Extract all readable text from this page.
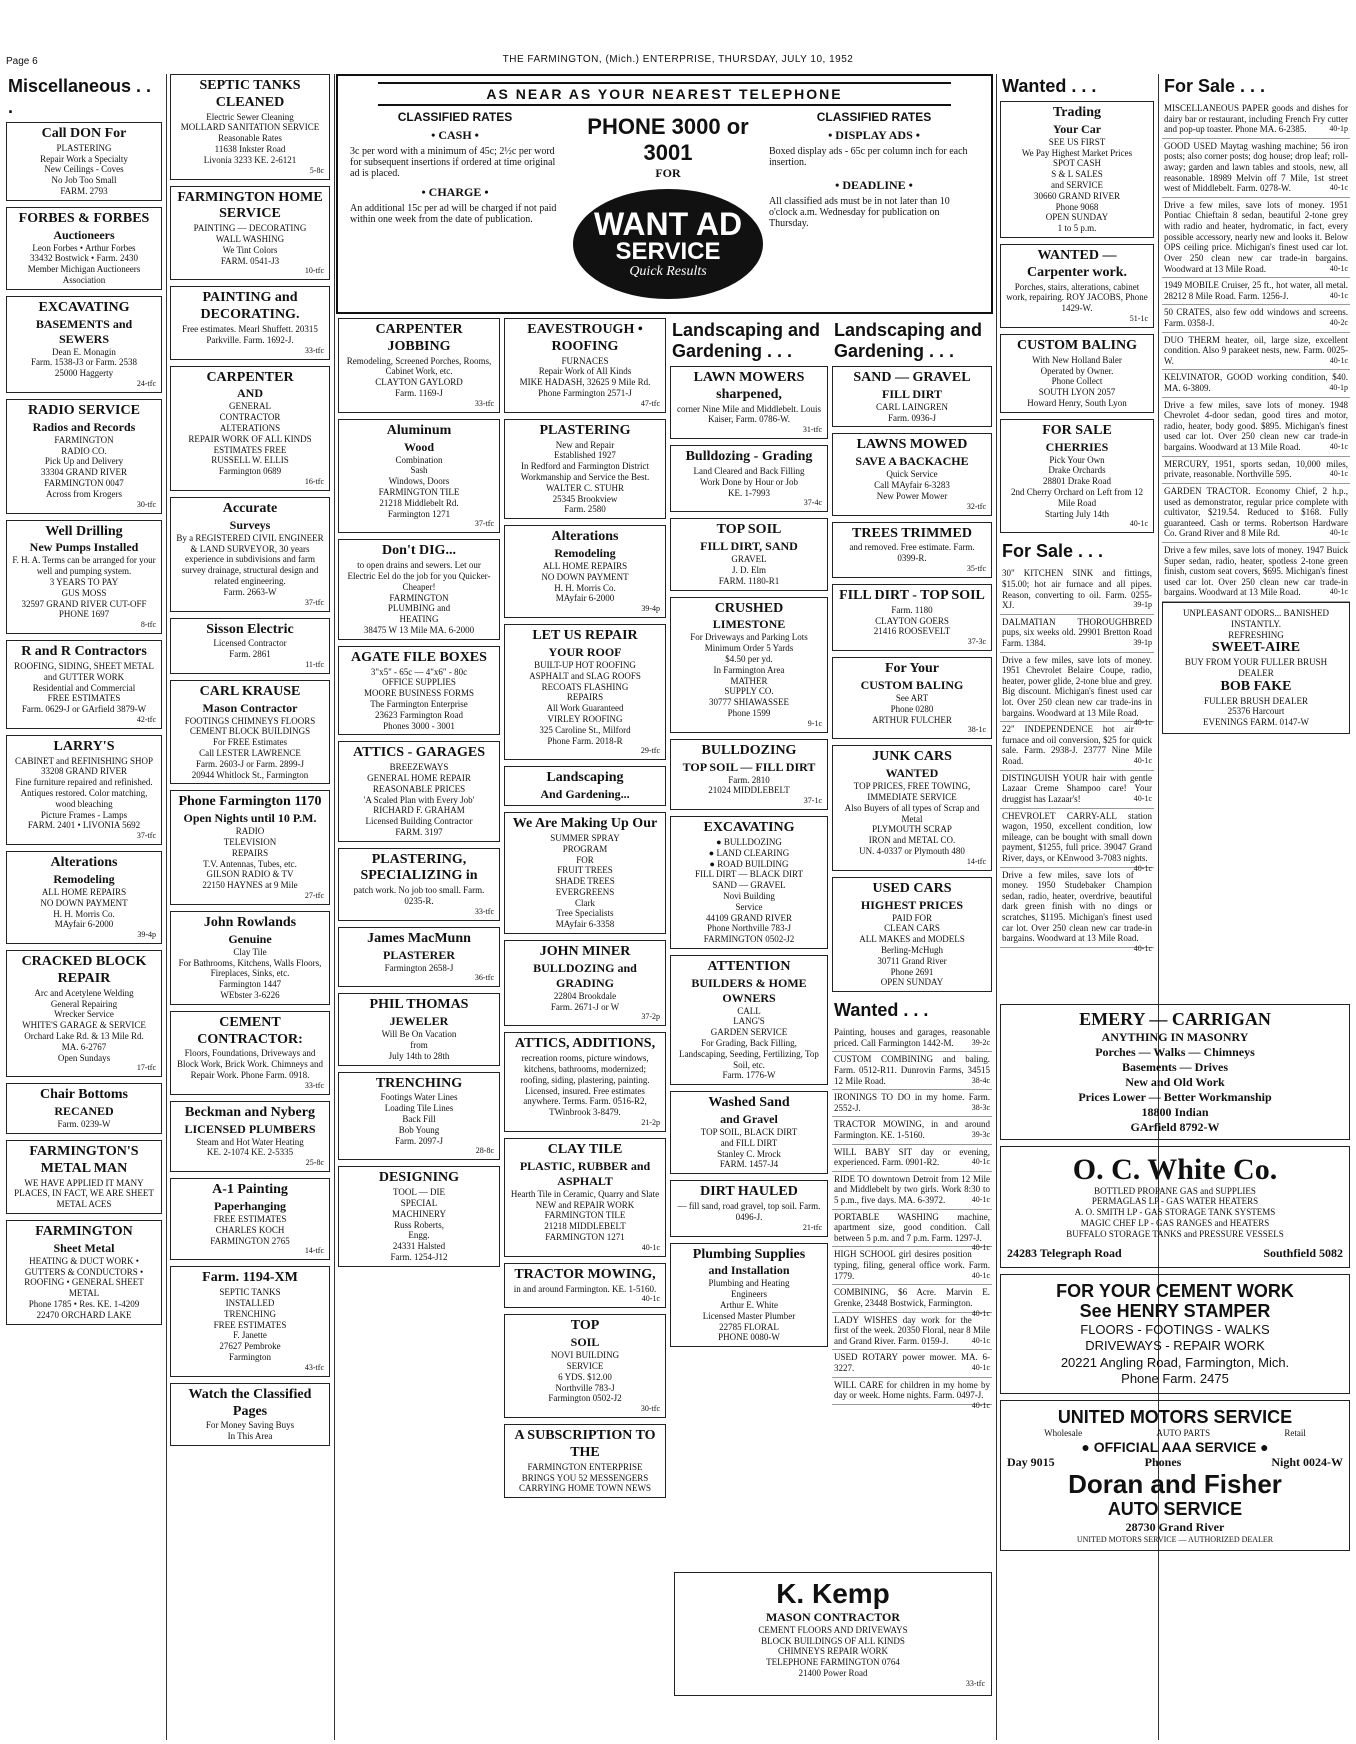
Page 6	THE FARMINGTON, (Mich.) ENTERPRISE, THURSDAY, JULY 10, 1952
AS NEAR AS YOUR NEAREST TELEPHONE
CLASSIFIED RATES
• CASH •
3c per word with a minimum of 45c; 2½c per word for subsequent insertions if ordered at time original ad is placed.
• CHARGE •
An additional 15c per ad will be charged if not paid within one week from the date of publication.
PHONE 3000 or 3001
FOR
WANT AD
SERVICE
Quick Results
CLASSIFIED RATES
• DISPLAY ADS •
Boxed display ads - 65c per column inch for each insertion.
• DEADLINE •
All classified ads must be in not later than 10 o'clock a.m. Wednesday for publication on Thursday.
Miscellaneous . . .
Call DON For
PLASTERING
Repair Work a Specialty
New Ceilings - Coves
No Job Too Small
FARM. 2793
FORBES & FORBES
Auctioneers
Leon Forbes • Arthur Forbes
33432 Bostwick • Farm. 2430
Member Michigan Auctioneers Association
EXCAVATING
BASEMENTS and SEWERS
Dean E. Monagin
Farm. 1538-J3 or Farm. 2538
25000 Haggerty
24-tfc
RADIO SERVICE
Radios and Records
FARMINGTON
RADIO CO.
Pick Up and Delivery
33304 GRAND RIVER
FARMINGTON 0047
Across from Krogers
30-tfc
Well Drilling
New Pumps Installed
F. H. A. Terms can be arranged for your well and pumping system.
3 YEARS TO PAY
GUS MOSS
32597 GRAND RIVER CUT-OFF
PHONE 1697
8-tfc
R and R Contractors
ROOFING, SIDING, SHEET METAL and GUTTER WORK
Residential and Commercial
FREE ESTIMATES
Farm. 0629-J or GArfield 3879-W
42-tfc
LARRY'S
CABINET and REFINISHING SHOP
33208 GRAND RIVER
Fine furniture repaired and refinished. Antiques restored. Color matching, wood bleaching
Picture Frames - Lamps
FARM. 2401 • LIVONIA 5692
37-tfc
Alterations
Remodeling
ALL HOME REPAIRS
NO DOWN PAYMENT
H. H. Morris Co.
MAyfair 6-2000
39-4p
CRACKED BLOCK REPAIR
Arc and Acetylene Welding
General Repairing
Wrecker Service
WHITE'S GARAGE & SERVICE
Orchard Lake Rd. & 13 Mile Rd.
MA. 6-2767
Open Sundays
17-tfc
Chair Bottoms
RECANED
Farm. 0239-W
FARMINGTON'S METAL MAN
WE HAVE APPLIED IT MANY PLACES, IN FACT, WE ARE SHEET METAL ACES
FARMINGTON
Sheet Metal
HEATING & DUCT WORK • GUTTERS & CONDUCTORS • ROOFING • GENERAL SHEET METAL
Phone 1785 • Res. KE. 1-4209
22470 ORCHARD LAKE
SEPTIC TANKS CLEANED
Electric Sewer Cleaning
MOLLARD SANITATION SERVICE
Reasonable Rates
11638 Inkster Road
Livonia 3233 KE. 2-6121
5-8c
FARMINGTON HOME SERVICE
PAINTING — DECORATING
WALL WASHING
We Tint Colors
FARM. 0541-J3
10-tfc
PAINTING and DECORATING.
Free estimates. Mearl Shuffett. 20315 Parkville. Farm. 1692-J.
33-tfc
CARPENTER
AND
GENERAL
CONTRACTOR
ALTERATIONS
REPAIR WORK OF ALL KINDS
ESTIMATES FREE
RUSSELL W. ELLIS
Farmington 0689
16-tfc
Accurate
Surveys
By a REGISTERED CIVIL ENGINEER & LAND SURVEYOR, 30 years experience in subdivisions and farm survey drainage, structural design and related engineering.
Farm. 2663-W
37-tfc
Sisson Electric
Licensed Contractor
Farm. 2861
11-tfc
CARL KRAUSE
Mason Contractor
FOOTINGS CHIMNEYS FLOORS
CEMENT BLOCK BUILDINGS
For FREE Estimates
Call LESTER LAWRENCE
Farm. 2603-J or Farm. 2899-J
20944 Whitlock St., Farmington
Phone Farmington 1170
Open Nights until 10 P.M.
RADIO
TELEVISION
REPAIRS
T.V. Antennas, Tubes, etc.
GILSON RADIO & TV
22150 HAYNES at 9 Mile
27-tfc
John Rowlands
Genuine
Clay Tile
For Bathrooms, Kitchens, Walls Floors, Fireplaces, Sinks, etc.
Farmington 1447
WEbster 3-6226
CEMENT CONTRACTOR:
Floors, Foundations, Driveways and Block Work, Brick Work. Chimneys and Repair Work. Phone Farm. 0918.
33-tfc
Beckman and Nyberg
LICENSED PLUMBERS
Steam and Hot Water Heating
KE. 2-1074 KE. 2-5335
25-8c
A-1 Painting
Paperhanging
FREE ESTIMATES
CHARLES KOCH
FARMINGTON 2765
14-tfc
Farm. 1194-XM
SEPTIC TANKS
INSTALLED
TRENCHING
FREE ESTIMATES
F. Janette
27627 Pembroke
Farmington
43-tfc
Watch the Classified Pages
For Money Saving Buys
In This Area
CARPENTER JOBBING
Remodeling, Screened Porches, Rooms, Cabinet Work, etc.
CLAYTON GAYLORD
Farm. 1169-J
33-tfc
Aluminum
Wood
Combination
Sash
Windows, Doors
FARMINGTON TILE
21218 Middlebelt Rd.
Farmington 1271
37-tfc
Don't DIG...
to open drains and sewers. Let our Electric Eel do the job for you Quicker-Cheaper!
FARMINGTON
PLUMBING and
HEATING
38475 W 13 Mile MA. 6-2000
AGATE FILE BOXES
3"x5" - 65c — 4"x6" - 80c
OFFICE SUPPLIES
MOORE BUSINESS FORMS
The Farmington Enterprise
23623 Farmington Road
Phones 3000 - 3001
ATTICS - GARAGES
BREEZEWAYS
GENERAL HOME REPAIR
REASONABLE PRICES
'A Scaled Plan with Every Job'
RICHARD F. GRAHAM
Licensed Building Contractor
FARM. 3197
PLASTERING, SPECIALIZING in
patch work. No job too small. Farm. 0235-R.
33-tfc
James MacMunn
PLASTERER
Farmington 2658-J
36-tfc
PHIL THOMAS
JEWELER
Will Be On Vacation
from
July 14th to 28th
TRENCHING
Footings Water Lines
Loading Tile Lines
Back Fill
Bob Young
Farm. 2097-J
28-8c
DESIGNING
TOOL — DIE
SPECIAL
MACHINERY
Russ Roberts,
Engg.
24331 Halsted
Farm. 1254-J12
EAVESTROUGH • ROOFING
FURNACES
Repair Work of All Kinds
MIKE HADASH, 32625 9 Mile Rd.
Phone Farmington 2571-J
47-tfc
PLASTERING
New and Repair
Established 1927
In Redford and Farmington District
Workmanship and Service the Best.
WALTER C. STUHR
25345 Brookview
Farm. 2580
Alterations
Remodeling
ALL HOME REPAIRS
NO DOWN PAYMENT
H. H. Morris Co.
MAyfair 6-2000
39-4p
LET US REPAIR
YOUR ROOF
BUILT-UP HOT ROOFING
ASPHALT and SLAG ROOFS
RECOATS FLASHING
REPAIRS
All Work Guaranteed
VIRLEY ROOFING
325 Caroline St., Milford
Phone Farm. 2018-R
29-tfc
Landscaping
And Gardening...
We Are Making Up Our
SUMMER SPRAY
PROGRAM
FOR
FRUIT TREES
SHADE TREES
EVERGREENS
Clark
Tree Specialists
MAyfair 6-3358
JOHN MINER
BULLDOZING and GRADING
22804 Brookdale
Farm. 2671-J or W
37-2p
ATTICS, ADDITIONS,
recreation rooms, picture windows, kitchens, bathrooms, modernized; roofing, siding, plastering, painting. Licensed, insured. Free estimates anywhere. Terms. Farm. 0516-R2, TWinbrook 3-8479.
21-2p
CLAY TILE
PLASTIC, RUBBER and ASPHALT
Hearth Tile in Ceramic, Quarry and Slate
NEW and REPAIR WORK
FARMINGTON TILE
21218 MIDDLEBELT
FARMINGTON 1271
40-1c
TRACTOR MOWING,
in and around Farmington. KE. 1-5160.
40-1c
TOP
SOIL
NOVI BUILDING
SERVICE
6 YDS. $12.00
Northville 783-J
Farmington 0502-J2
30-tfc
A SUBSCRIPTION TO THE
FARMINGTON ENTERPRISE
BRINGS YOU 52 MESSENGERS
CARRYING HOME TOWN NEWS
Landscaping and Gardening . . .
LAWN MOWERS sharpened,
corner Nine Mile and Middlebelt. Louis Kaiser, Farm. 0786-W.
31-tfc
Bulldozing - Grading
Land Cleared and Back Filling
Work Done by Hour or Job
KE. 1-7993
37-4c
TOP SOIL
FILL DIRT, SAND
GRAVEL
J. D. Elm
FARM. 1180-R1
CRUSHED
LIMESTONE
For Driveways and Parking Lots
Minimum Order 5 Yards
$4.50 per yd.
In Farmington Area
MATHER
SUPPLY CO.
30777 SHIAWASSEE
Phone 1599
9-1c
BULLDOZING
TOP SOIL — FILL DIRT
Farm. 2810
21024 MIDDLEBELT
37-1c
EXCAVATING
● BULLDOZING
● LAND CLEARING
● ROAD BUILDING
FILL DIRT — BLACK DIRT
SAND — GRAVEL
Novi Building
Service
44109 GRAND RIVER
Phone Northville 783-J
FARMINGTON 0502-J2
ATTENTION
BUILDERS & HOME OWNERS
CALL
LANG'S
GARDEN SERVICE
For Grading, Back Filling, Landscaping, Seeding, Fertilizing, Top Soil, etc.
Farm. 1776-W
Washed Sand
and Gravel
TOP SOIL, BLACK DIRT
and FILL DIRT
Stanley C. Mrock
FARM. 1457-J4
DIRT HAULED
— fill sand, road gravel, top soil. Farm. 0496-J.
21-tfc
Plumbing Supplies
and Installation
Plumbing and Heating
Engineers
Arthur E. White
Licensed Master Plumber
22785 FLORAL
PHONE 0080-W
Landscaping and Gardening . . .
SAND — GRAVEL
FILL DIRT
CARL LAINGREN
Farm. 0936-J
LAWNS MOWED
SAVE A BACKACHE
Quick Service
Call MAyfair 6-3283
New Power Mower
32-tfc
TREES TRIMMED
and removed. Free estimate. Farm. 0399-R.
35-tfc
FILL DIRT - TOP SOIL
Farm. 1180
CLAYTON GOERS
21416 ROOSEVELT
37-3c
For Your
CUSTOM BALING
See ART
Phone 0280
ARTHUR FULCHER
38-1c
JUNK CARS
WANTED
TOP PRICES, FREE TOWING, IMMEDIATE SERVICE
Also Buyers of all types of Scrap and Metal
PLYMOUTH SCRAP
IRON and METAL CO.
UN. 4-0337 or Plymouth 480
14-tfc
USED CARS
HIGHEST PRICES
PAID FOR
CLEAN CARS
ALL MAKES and MODELS
Berling-McHugh
30711 Grand River
Phone 2691
OPEN SUNDAY
Wanted . . .
Painting, houses and garages, reasonable priced. Call Farmington 1442-M. 39-2c
CUSTOM COMBINING and baling. Farm. 0512-R11. Dunrovin Farms, 34515 12 Mile Road.	38-4c
IRONINGS TO DO in my home. Farm. 2552-J.	38-3c
TRACTOR MOWING, in and around Farmington. KE. 1-5160.	39-3c
WILL BABY SIT day or evening, experienced. Farm. 0901-R2.	40-1c
RIDE TO downtown Detroit from 12 Mile and Middlebelt by two girls. Work 8:30 to 5 p.m., five days. MA. 6-3972.	40-1c
PORTABLE WASHING machine, apartment size, good condition. Call between 5 p.m. and 7 p.m. Farm. 1297-J.
40-1c
HIGH SCHOOL girl desires position typing, filing, general office work. Farm. 1779.	40-1c
COMBINING, $6 Acre. Marvin E. Grenke, 23448 Bostwick, Farmington.
40-1c
LADY WISHES day work for the first of the week. 20350 Floral, near 8 Mile and Grand River. Farm. 0159-J.	40-1c
USED ROTARY power mower. MA. 6-3227.	40-1c
WILL CARE for children in my home by day or week. Home nights. Farm. 0497-J.
40-1c
Wanted . . .
Trading
Your Car
SEE US FIRST
We Pay Highest Market Prices
SPOT CASH
S & L SALES
and SERVICE
30660 GRAND RIVER
Phone 9068
OPEN SUNDAY
1 to 5 p.m.
WANTED — Carpenter work.
Porches, stairs, alterations, cabinet work, repairing. ROY JACOBS, Phone 1429-W.
51-1c
CUSTOM BALING
With New Holland Baler
Operated by Owner.
Phone Collect
SOUTH LYON 2057
Howard Henry, South Lyon
FOR SALE
CHERRIES
Pick Your Own
Drake Orchards
28801 Drake Road
2nd Cherry Orchard on Left from 12 Mile Road
Starting July 14th
40-1c
For Sale . . .
30" KITCHEN SINK and fittings, $15.00; hot air furnace and all pipes. Reason, converting to oil. Farm. 0255-XJ.	39-1p
DALMATIAN THOROUGHBRED pups, six weeks old. 29901 Bretton Road Farm. 1384.	39-1p
Drive a few miles, save lots of money. 1951 Chevrolet Belaire Coupe, radio, heater, power glide, 2-tone blue and grey. Big discount. Michigan's finest used car lot. Over 250 clean new car trade-ins in bargains. Woodward at 13 Mile Road.
40-1c
22" INDEPENDENCE hot air furnace and oil conversion, $25 for quick sale. Farm. 2938-J. 23777 Nine Mile Road.	40-1c
DISTINGUISH YOUR hair with gentle Lazaar Creme Shampoo care! Your druggist has Lazaar's!	40-1c
CHEVROLET CARRY-ALL station wagon, 1950, excellent condition, low mileage, can be bought with small down payment, $1255, full price. 39047 Grand River, days, or KEnwood 3-7083 nights.
40-1c
Drive a few miles, save lots of money. 1950 Studebaker Champion sedan, radio, heater, overdrive, beautiful dark green finish with no dings or scratches, $1195. Michigan's finest used car lot. Over 250 clean new car trade-in bargains. Woodward at 13 Mile Road.
40-1c
For Sale . . .
MISCELLANEOUS PAPER goods and dishes for dairy bar or restaurant, including French Fry cutter and pop-up toaster. Phone MA. 6-2385.	40-1p
GOOD USED Maytag washing machine; 56 iron posts; also corner posts; dog house; drop leaf; roll-away; garden and lawn tables and stools, new, all reasonable. 18989 Melvin off 7 Mile, 1st street west of Middlebelt. Farm. 0278-W.	40-1c
Drive a few miles, save lots of money. 1951 Pontiac Chieftain 8 sedan, beautiful 2-tone grey with radio and heater, hydromatic, in fact, every possible accessory, nearly new and looks it. Below OPS ceiling price. Michigan's finest used car lot. Over 250 clean new car trade-in bargains. Woodward at 13 Mile Road.	40-1c
1949 MOBILE Cruiser, 25 ft., hot water, all metal. 28212 8 Mile Road. Farm. 1256-J.	40-1c
50 CRATES, also few odd windows and screens. Farm. 0358-J.	40-2c
DUO THERM heater, oil, large size, excellent condition. Also 9 parakeet nests, new. Farm. 0025-W.	40-1c
KELVINATOR, GOOD working condition, $40. MA. 6-3809.	40-1p
Drive a few miles, save lots of money. 1948 Chevrolet 4-door sedan, good tires and motor, radio, heater, body good. $895. Michigan's finest used car lot. Over 250 clean new car trade-in bargains. Woodward at 13 Mile Road.	40-1c
MERCURY, 1951, sports sedan, 10,000 miles, private, reasonable. Northville 595.	40-1c
GARDEN TRACTOR. Economy Chief, 2 h.p., used as demonstrator, regular price complete with cultivator, $219.54. Reduced to $168. Fully guaranteed. Cash or terms. Robertson Hardware Co. Grand River and 8 Mile Rd.	40-1c
Drive a few miles, save lots of money. 1947 Buick Super sedan, radio, heater, spotless 2-tone green finish, custom seat covers, $695. Michigan's finest used car lot. Over 250 clean new car trade-in bargains. Woodward at 13 Mile Road.	40-1c
UNPLEASANT ODORS... BANISHED INSTANTLY.
REFRESHING
SWEET-AIRE
BUY FROM YOUR FULLER BRUSH DEALER
BOB FAKE
FULLER BRUSH DEALER
25376 Harcourt
EVENINGS FARM. 0147-W
EMERY — CARRIGAN
ANYTHING IN MASONRY
Porches — Walks — Chimneys
Basements — Drives
New and Old Work
Prices Lower — Better Workmanship
18800 Indian
GArfield 8792-W
O. C. White Co.
BOTTLED PROPANE GAS and SUPPLIES
PERMAGLAS LP - GAS WATER HEATERS
A. O. SMITH LP - GAS STORAGE TANK SYSTEMS
MAGIC CHEF LP - GAS RANGES and HEATERS
BUFFALO STORAGE TANKS and PRESSURE VESSELS
24283 Telegraph Road	Southfield 5082
FOR YOUR CEMENT WORK
See HENRY STAMPER
FLOORS - FOOTINGS - WALKS
DRIVEWAYS - REPAIR WORK
20221 Angling Road, Farmington, Mich.
Phone Farm. 2475
UNITED MOTORS SERVICE
Wholesale	AUTO PARTS	Retail
● OFFICIAL AAA SERVICE ●
Day 9015	Phones	Night 0024-W
Doran and Fisher
AUTO SERVICE
28730 Grand River
UNITED MOTORS SERVICE — AUTHORIZED DEALER
K. Kemp
MASON CONTRACTOR
CEMENT FLOORS AND DRIVEWAYS
BLOCK BUILDINGS OF ALL KINDS
CHIMNEYS REPAIR WORK
TELEPHONE FARMINGTON 0764
21400 Power Road
33-tfc
